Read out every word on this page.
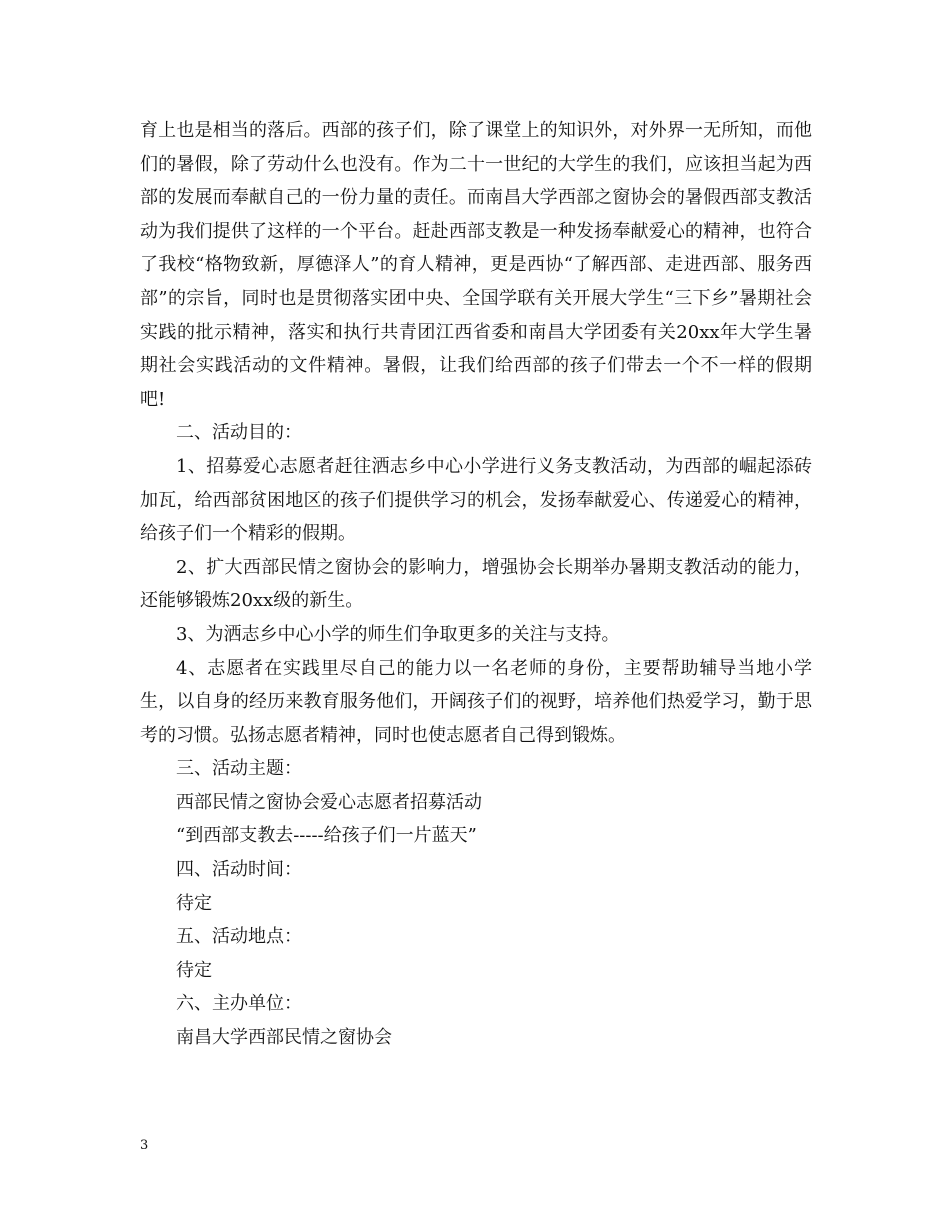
育上也是相当的落后。西部的孩子们，除了课堂上的知识外，对外界一无所知，而他们的暑假，除了劳动什么也没有。作为二十一世纪的大学生的我们，应该担当起为西部的发展而奉献自己的一份力量的责任。而南昌大学西部之窗协会的暑假西部支教活动为我们提供了这样的一个平台。赶赴西部支教是一种发扬奉献爱心的精神，也符合了我校“格物致新，厚德泽人”的育人精神，更是西协“了解西部、走进西部、服务西部”的宗旨，同时也是贯彻落实团中央、全国学联有关开展大学生“三下乡”暑期社会实践的批示精神，落实和执行共青团江西省委和南昌大学团委有关20xx年大学生暑期社会实践活动的文件精神。暑假，让我们给西部的孩子们带去一个不一样的假期吧!

二、活动目的：

1、招募爱心志愿者赶往洒志乡中心小学进行义务支教活动，为西部的崛起添砖加瓦，给西部贫困地区的孩子们提供学习的机会，发扬奉献爱心、传递爱心的精神，给孩子们一个精彩的假期。

2、扩大西部民情之窗协会的影响力，增强协会长期举办暑期支教活动的能力，还能够锻炼20xx级的新生。

3、为洒志乡中心小学的师生们争取更多的关注与支持。

4、志愿者在实践里尽自己的能力以一名老师的身份，主要帮助辅导当地小学生，以自身的经历来教育服务他们，开阔孩子们的视野，培养他们热爱学习，勤于思考的习惯。弘扬志愿者精神，同时也使志愿者自己得到锻炼。

三、活动主题：

西部民情之窗协会爱心志愿者招募活动

“到西部支教去-----给孩子们一片蓝天”

四、活动时间：

待定

五、活动地点：

待定

六、主办单位：

南昌大学西部民情之窗协会

3
